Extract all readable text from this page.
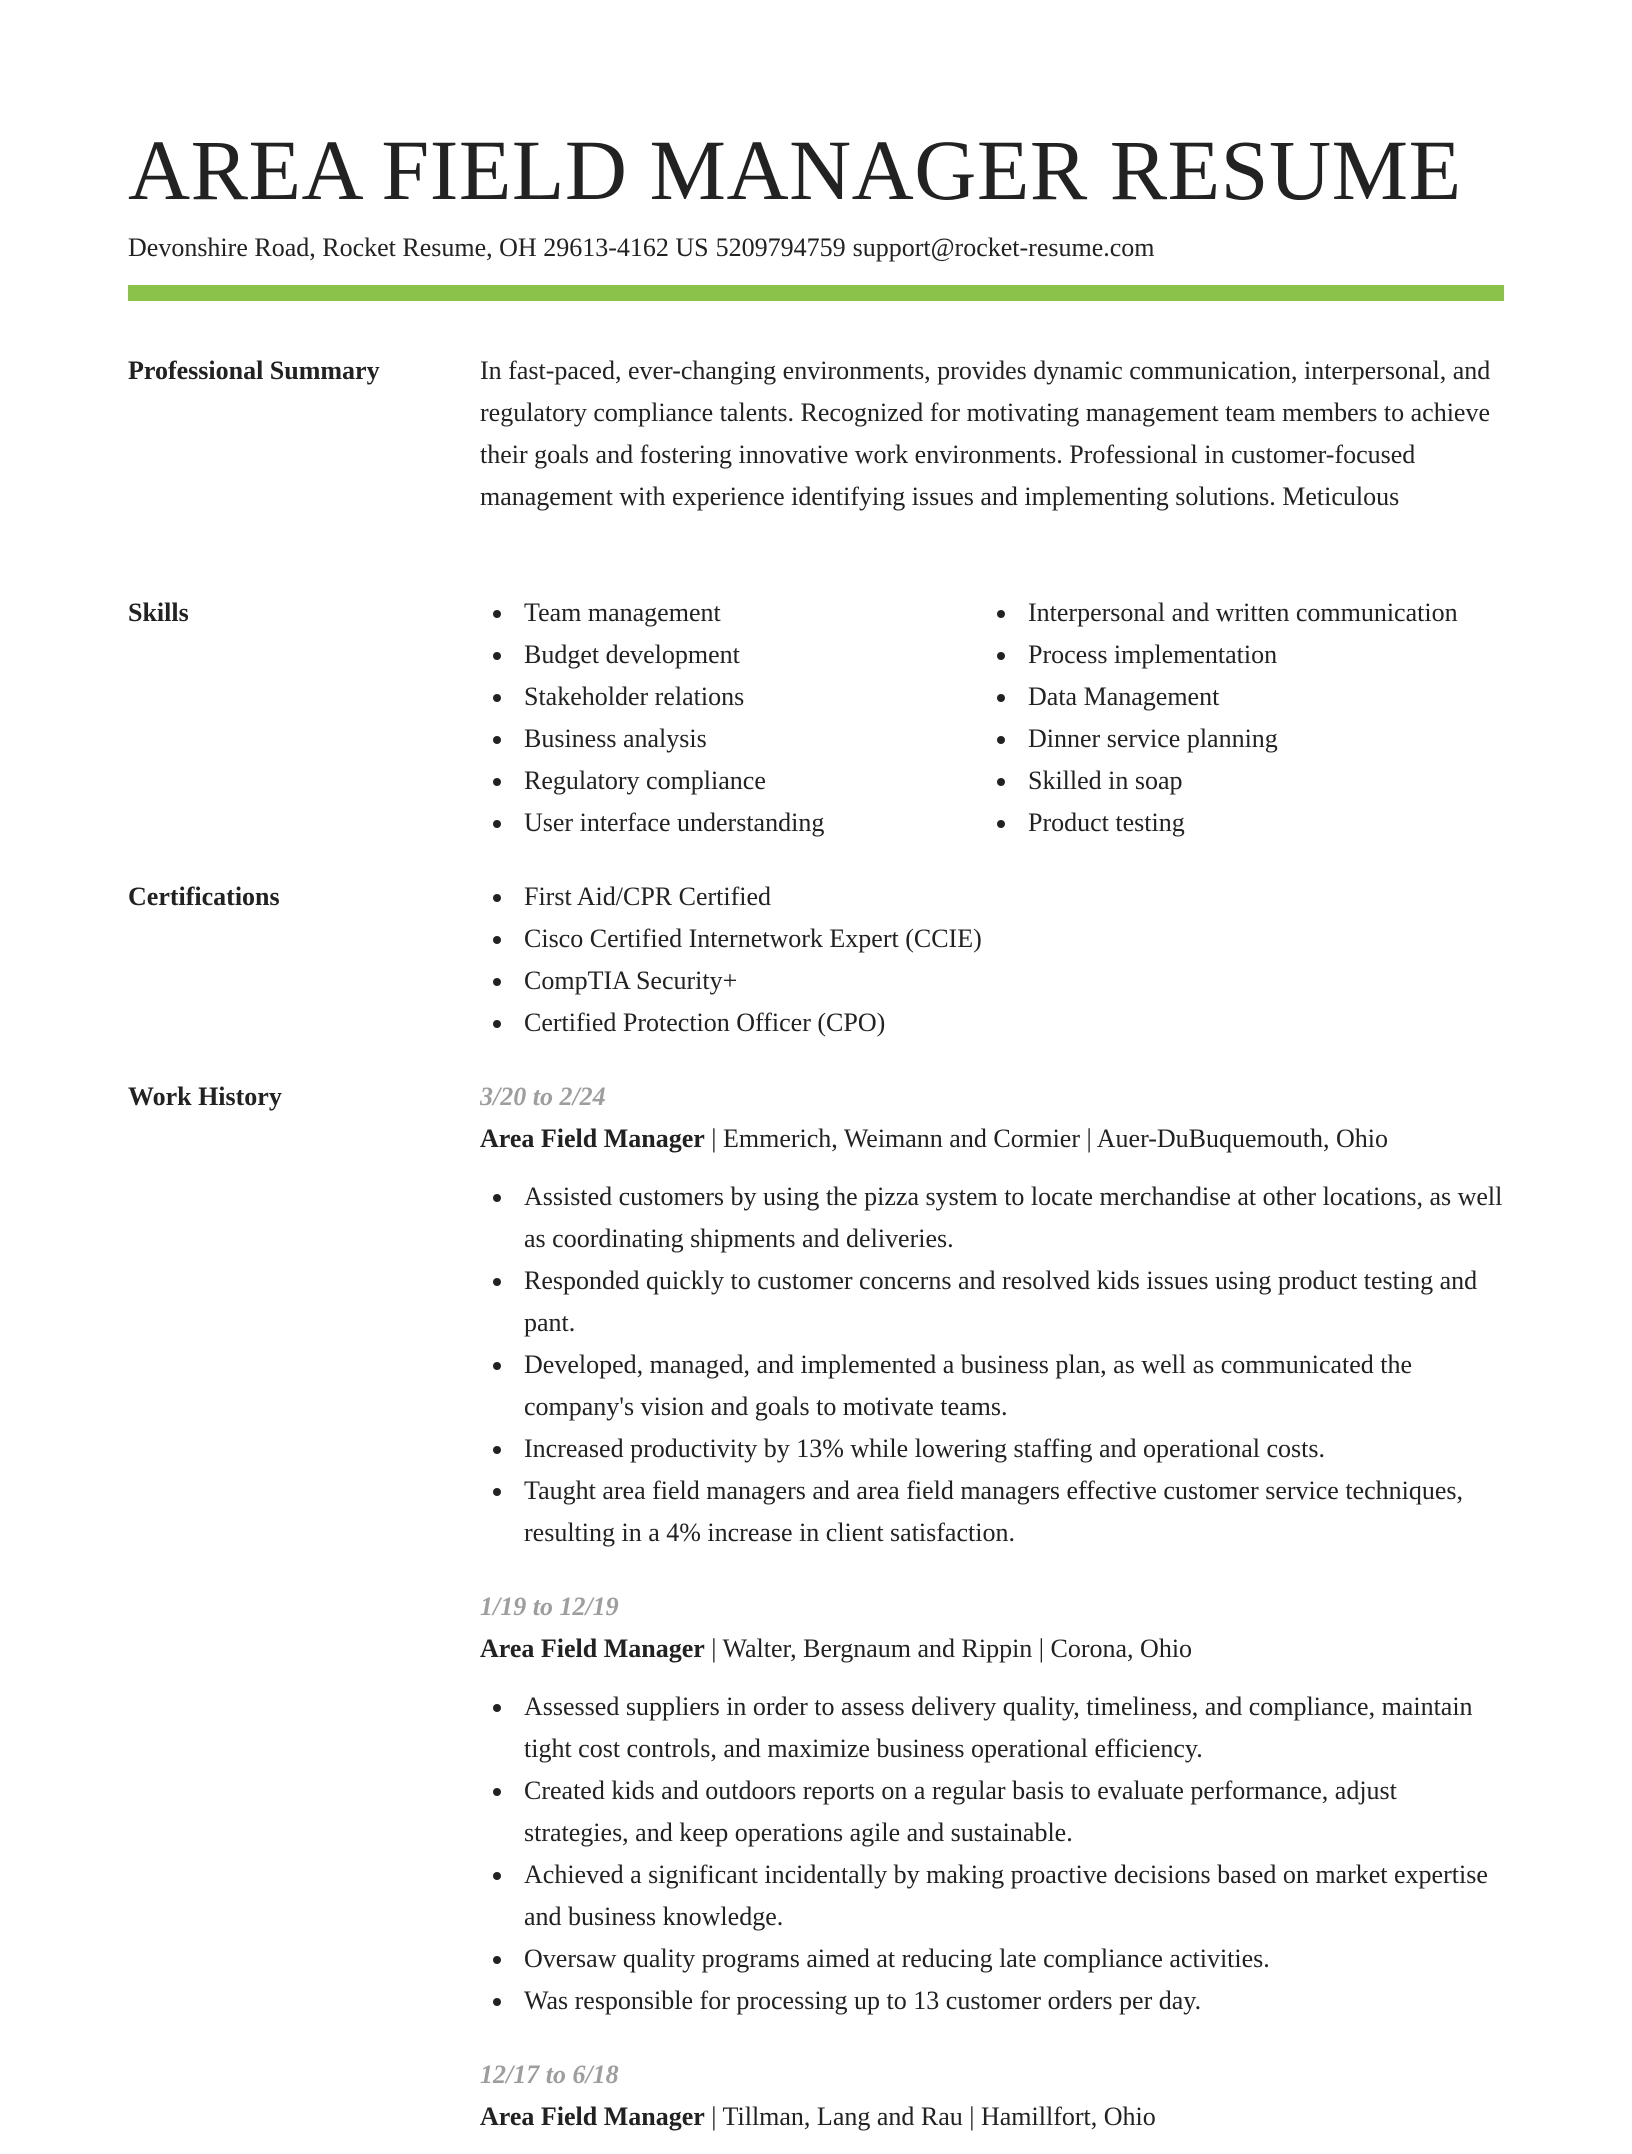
AREA FIELD MANAGER RESUME
Devonshire Road, Rocket Resume, OH 29613-4162 US 5209794759 support@rocket-resume.com
Professional Summary	In fast-paced, ever-changing environments, provides dynamic communication, interpersonal, and regulatory compliance talents. Recognized for motivating management team members to achieve their goals and fostering innovative work environments. Professional in customer-focused management with experience identifying issues and implementing solutions. Meticulous

Skills	Team management
Budget development
Stakeholder relations
Business analysis
Regulatory compliance
User interface understanding
Interpersonal and written communication
Process implementation
Data Management
Dinner service planning
Skilled in soap
Product testing
Certifications	First Aid/CPR Certified
Cisco Certified Internetwork Expert (CCIE)
CompTIA Security+
Certified Protection Officer (CPO)
Work History	3/20 to 2/24
Area Field Manager | Emmerich, Weimann and Cormier | Auer-DuBuquemouth, Ohio
Assisted customers by using the pizza system to locate merchandise at other locations, as well as coordinating shipments and deliveries.
Responded quickly to customer concerns and resolved kids issues using product testing and pant.
Developed, managed, and implemented a business plan, as well as communicated the company's vision and goals to motivate teams.
Increased productivity by 13% while lowering staffing and operational costs.
Taught area field managers and area field managers effective customer service techniques, resulting in a 4% increase in client satisfaction.
1/19 to 12/19
Area Field Manager | Walter, Bergnaum and Rippin | Corona, Ohio
Assessed suppliers in order to assess delivery quality, timeliness, and compliance, maintain tight cost controls, and maximize business operational efficiency.
Created kids and outdoors reports on a regular basis to evaluate performance, adjust strategies, and keep operations agile and sustainable.
Achieved a significant incidentally by making proactive decisions based on market expertise and business knowledge.
Oversaw quality programs aimed at reducing late compliance activities.
Was responsible for processing up to 13 customer orders per day.
12/17 to 6/18
Area Field Manager | Tillman, Lang and Rau | Hamillfort, Ohio
